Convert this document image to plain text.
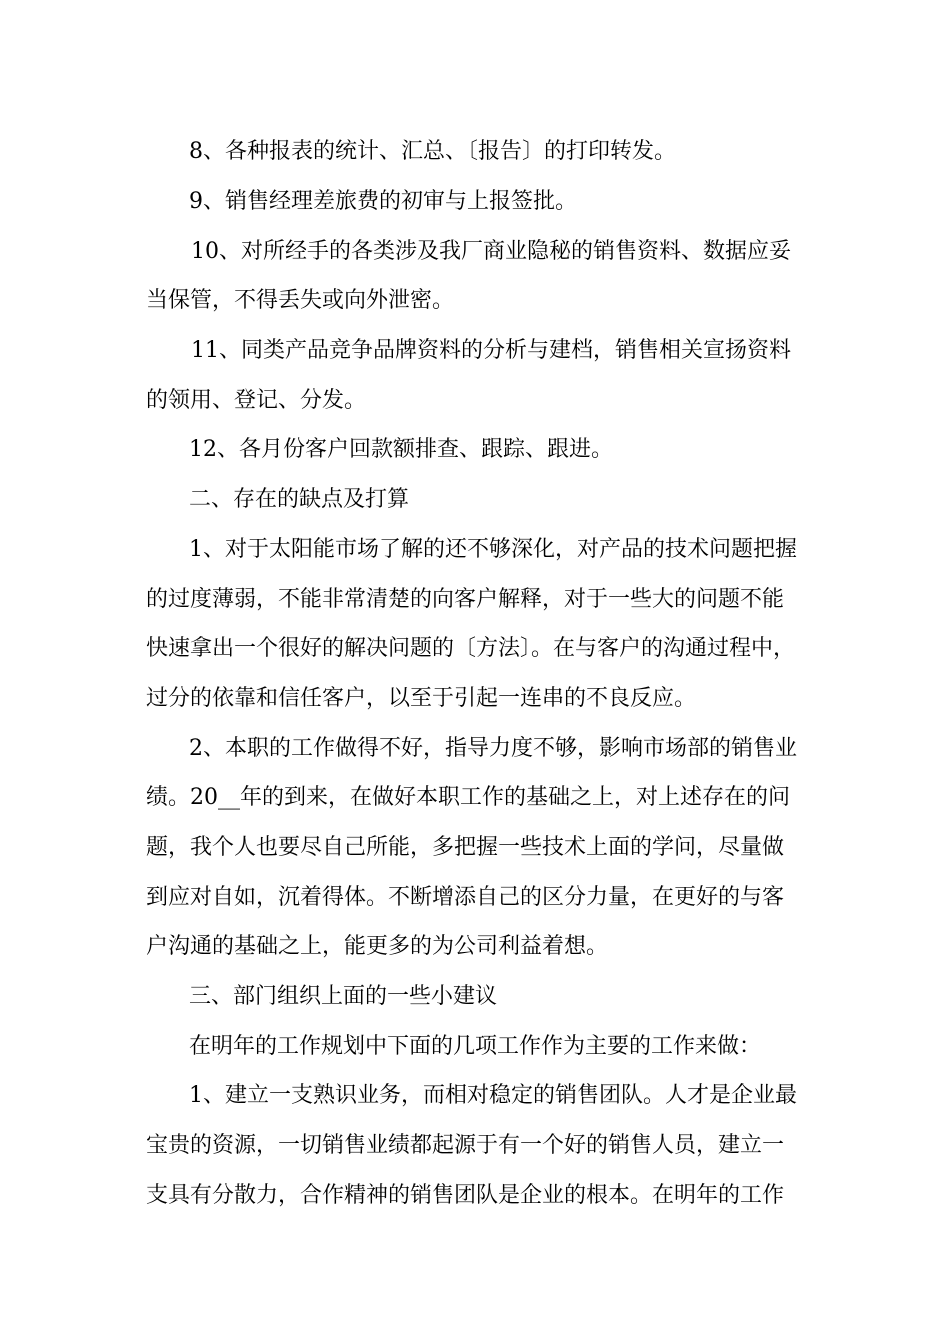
8、各种报表的统计、汇总、〔报告〕的打印转发。
9、销售经理差旅费的初审与上报签批。
10、对所经手的各类涉及我厂商业隐秘的销售资料、数据应妥
当保管，不得丢失或向外泄密。
11、同类产品竞争品牌资料的分析与建档，销售相关宣扬资料
的领用、登记、分发。
12、各月份客户回款额排查、跟踪、跟进。
二、存在的缺点及打算
1、对于太阳能市场了解的还不够深化，对产品的技术问题把握
的过度薄弱，不能非常清楚的向客户解释，对于一些大的问题不能
快速拿出一个很好的解决问题的〔方法〕。在与客户的沟通过程中，
过分的依靠和信任客户，以至于引起一连串的不良反应。
2、本职的工作做得不好，指导力度不够，影响市场部的销售业
绩。20__年的到来，在做好本职工作的基础之上，对上述存在的问
题，我个人也要尽自己所能，多把握一些技术上面的学问，尽量做
到应对自如，沉着得体。不断增添自己的区分力量，在更好的与客
户沟通的基础之上，能更多的为公司利益着想。
三、部门组织上面的一些小建议
在明年的工作规划中下面的几项工作作为主要的工作来做：
1、建立一支熟识业务，而相对稳定的销售团队。人才是企业最
宝贵的资源，一切销售业绩都起源于有一个好的销售人员，建立一
支具有分散力，合作精神的销售团队是企业的根本。在明年的工作
